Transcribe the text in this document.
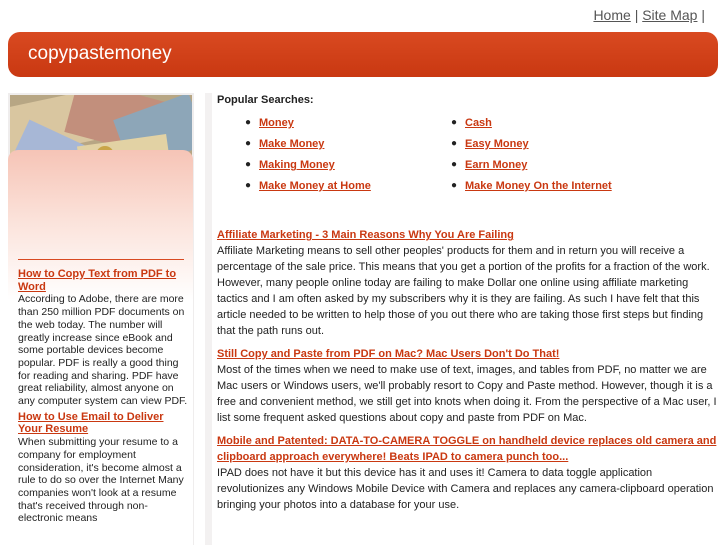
Home | Site Map |
copypastemoney
How to Copy Text from PDF to Word
According to Adobe, there are more than 250 million PDF documents on the web today. The number will greatly increase since eBook and some portable devices become popular. PDF is really a good thing for reading and sharing. PDF have great reliability, almost anyone on any computer system can view PDF.
How to Use Email to Deliver Your Resume
When submitting your resume to a company for employment consideration, it's become almost a rule to do so over the Internet Many companies won't look at a resume that's received through non-electronic means
Popular Searches:
● Money
● Make Money
● Making Money
● Make Money at Home
● Cash
● Easy Money
● Earn Money
● Make Money On the Internet
Affiliate Marketing - 3 Main Reasons Why You Are Failing
Affiliate Marketing means to sell other peoples' products for them and in return you will receive a percentage of the sale price. This means that you get a portion of the profits for a fraction of the work. However, many people online today are failing to make Dollar one online using affiliate marketing tactics and I am often asked by my subscribers why it is they are failing. As such I have felt that this article needed to be written to help those of you out there who are taking those first steps but finding that the path runs out.
Still Copy and Paste from PDF on Mac? Mac Users Don't Do That!
Most of the times when we need to make use of text, images, and tables from PDF, no matter we are Mac users or Windows users, we'll probably resort to Copy and Paste method. However, though it is a free and convenient method, we still get into knots when doing it. From the perspective of a Mac user, I list some frequent asked questions about copy and paste from PDF on Mac.
Mobile and Patented: DATA-TO-CAMERA TOGGLE on handheld device replaces old camera and clipboard approach everywhere! Beats IPAD to camera punch too...
IPAD does not have it but this device has it and uses it! Camera to data toggle application revolutionizes any Windows Mobile Device with Camera and replaces any camera-clipboard operation bringing your photos into a database for your use.
